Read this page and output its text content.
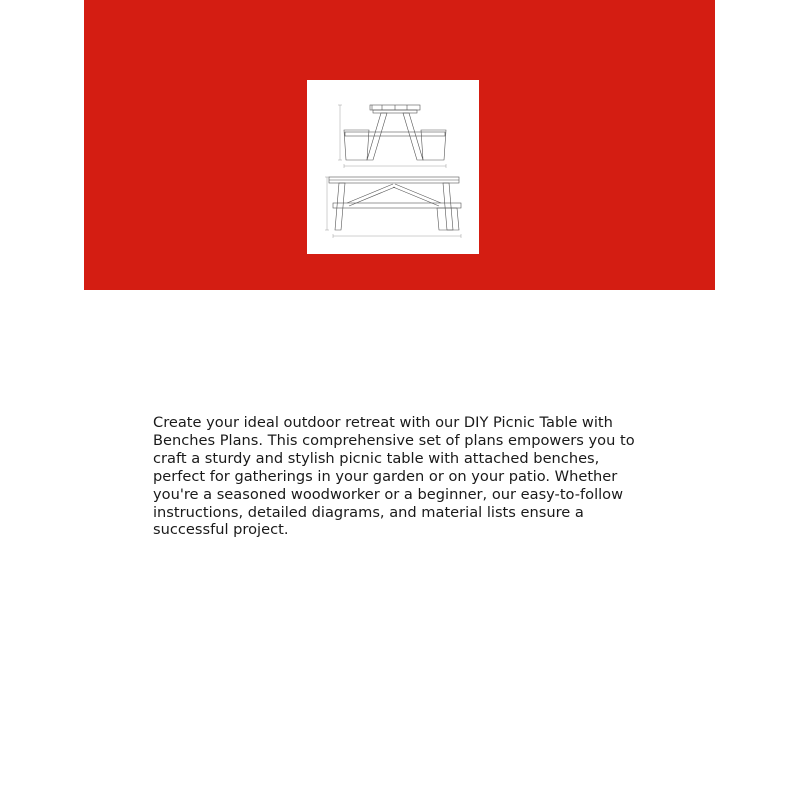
Create your ideal outdoor retreat with our DIY Picnic Table with Benches Plans. This comprehensive set of plans empowers you to craft a sturdy and stylish picnic table with attached benches, perfect for gatherings in your garden or on your patio. Whether you're a seasoned woodworker or a beginner, our easy-to-follow instructions, detailed diagrams, and material lists ensure a successful project.
